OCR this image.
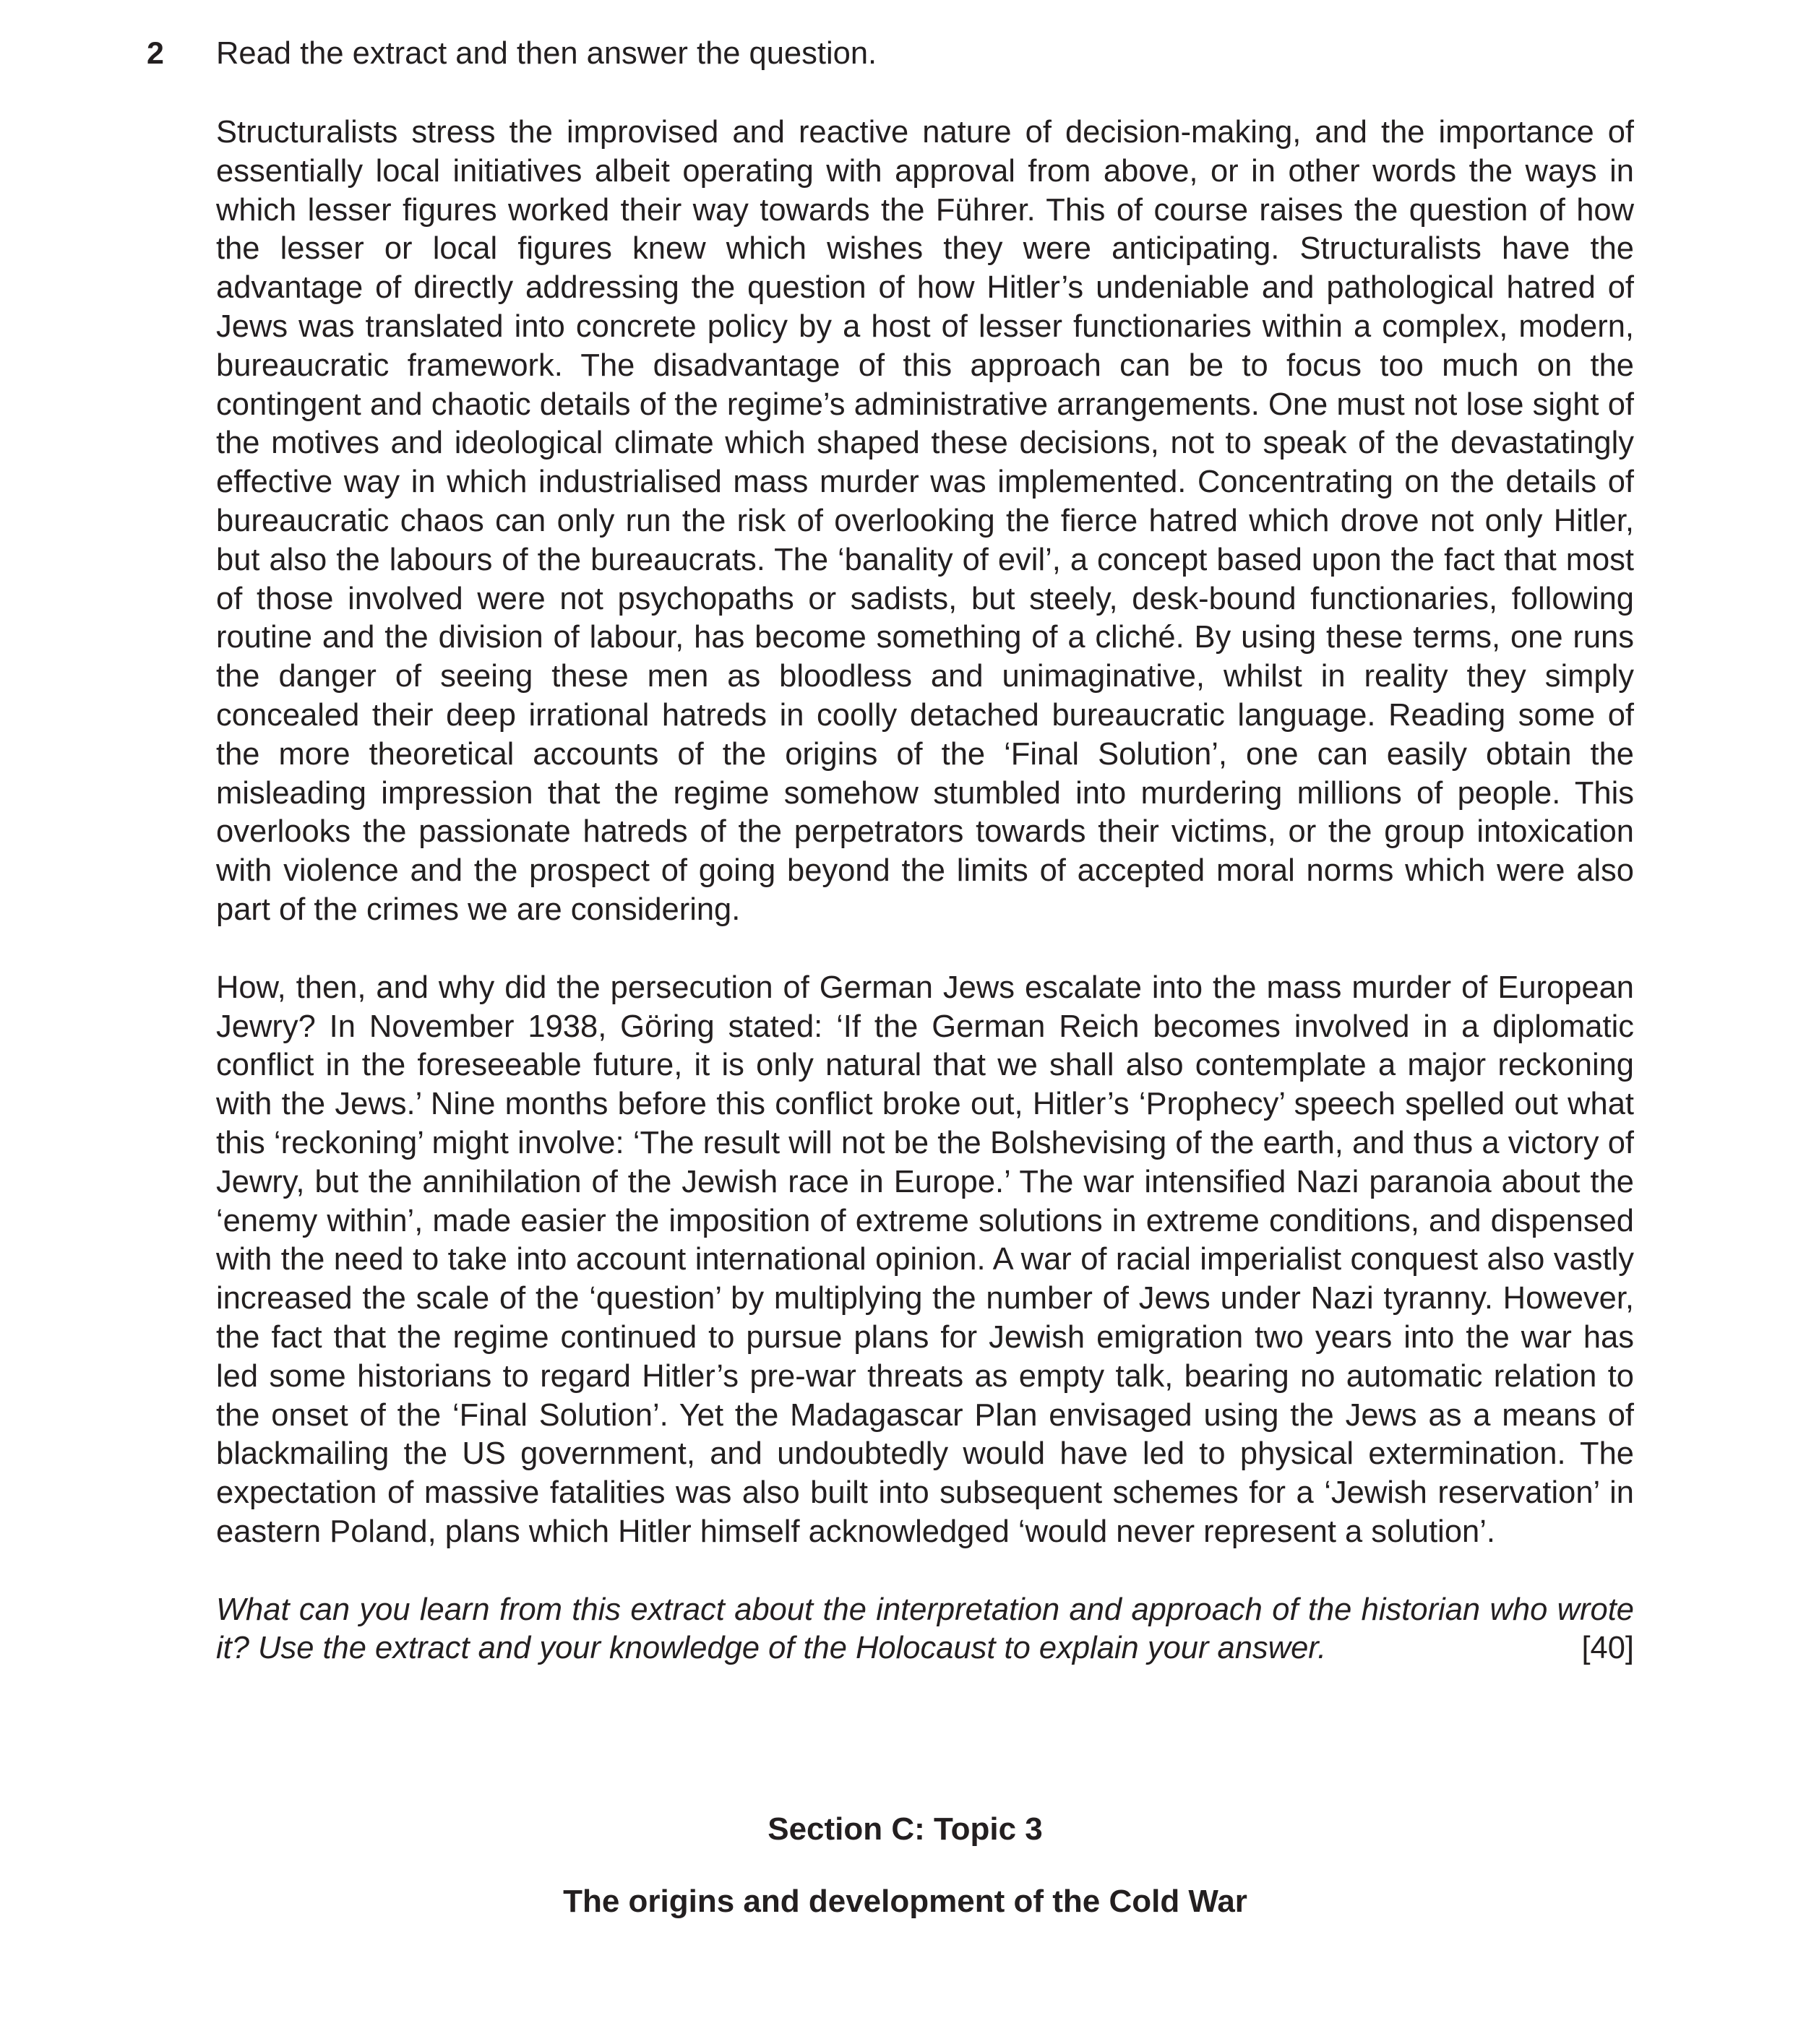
2 Read the extract and then answer the question.

Structuralists stress the improvised and reactive nature of decision-making, and the importance of essentially local initiatives albeit operating with approval from above, or in other words the ways in which lesser figures worked their way towards the Führer. This of course raises the question of how the lesser or local figures knew which wishes they were anticipating. Structuralists have the advantage of directly addressing the question of how Hitler’s undeniable and pathological hatred of Jews was translated into concrete policy by a host of lesser functionaries within a complex, modern, bureaucratic framework. The disadvantage of this approach can be to focus too much on the contingent and chaotic details of the regime’s administrative arrangements. One must not lose sight of the motives and ideological climate which shaped these decisions, not to speak of the devastatingly effective way in which industrialised mass murder was implemented. Concentrating on the details of bureaucratic chaos can only run the risk of overlooking the fierce hatred which drove not only Hitler, but also the labours of the bureaucrats. The ‘banality of evil’, a concept based upon the fact that most of those involved were not psychopaths or sadists, but steely, desk-bound functionaries, following routine and the division of labour, has become something of a cliché. By using these terms, one runs the danger of seeing these men as bloodless and unimaginative, whilst in reality they simply concealed their deep irrational hatreds in coolly detached bureaucratic language. Reading some of the more theoretical accounts of the origins of the ‘Final Solution’, one can easily obtain the misleading impression that the regime somehow stumbled into murdering millions of people. This overlooks the passionate hatreds of the perpetrators towards their victims, or the group intoxication with violence and the prospect of going beyond the limits of accepted moral norms which were also part of the crimes we are considering.

How, then, and why did the persecution of German Jews escalate into the mass murder of European Jewry? In November 1938, Göring stated: ‘If the German Reich becomes involved in a diplomatic conflict in the foreseeable future, it is only natural that we shall also contemplate a major reckoning with the Jews.’ Nine months before this conflict broke out, Hitler’s ‘Prophecy’ speech spelled out what this ‘reckoning’ might involve: ‘The result will not be the Bolshevising of the earth, and thus a victory of Jewry, but the annihilation of the Jewish race in Europe.’ The war intensified Nazi paranoia about the ‘enemy within’, made easier the imposition of extreme solutions in extreme conditions, and dispensed with the need to take into account international opinion. A war of racial imperialist conquest also vastly increased the scale of the ‘question’ by multiplying the number of Jews under Nazi tyranny. However, the fact that the regime continued to pursue plans for Jewish emigration two years into the war has led some historians to regard Hitler’s pre-war threats as empty talk, bearing no automatic relation to the onset of the ‘Final Solution’. Yet the Madagascar Plan envisaged using the Jews as a means of blackmailing the US government, and undoubtedly would have led to physical extermination. The expectation of massive fatalities was also built into subsequent schemes for a ‘Jewish reservation’ in eastern Poland, plans which Hitler himself acknowledged ‘would never represent a solution’.

What can you learn from this extract about the interpretation and approach of the historian who wrote it? Use the extract and your knowledge of the Holocaust to explain your answer.	[40]

Section C: Topic 3
The origins and development of the Cold War
